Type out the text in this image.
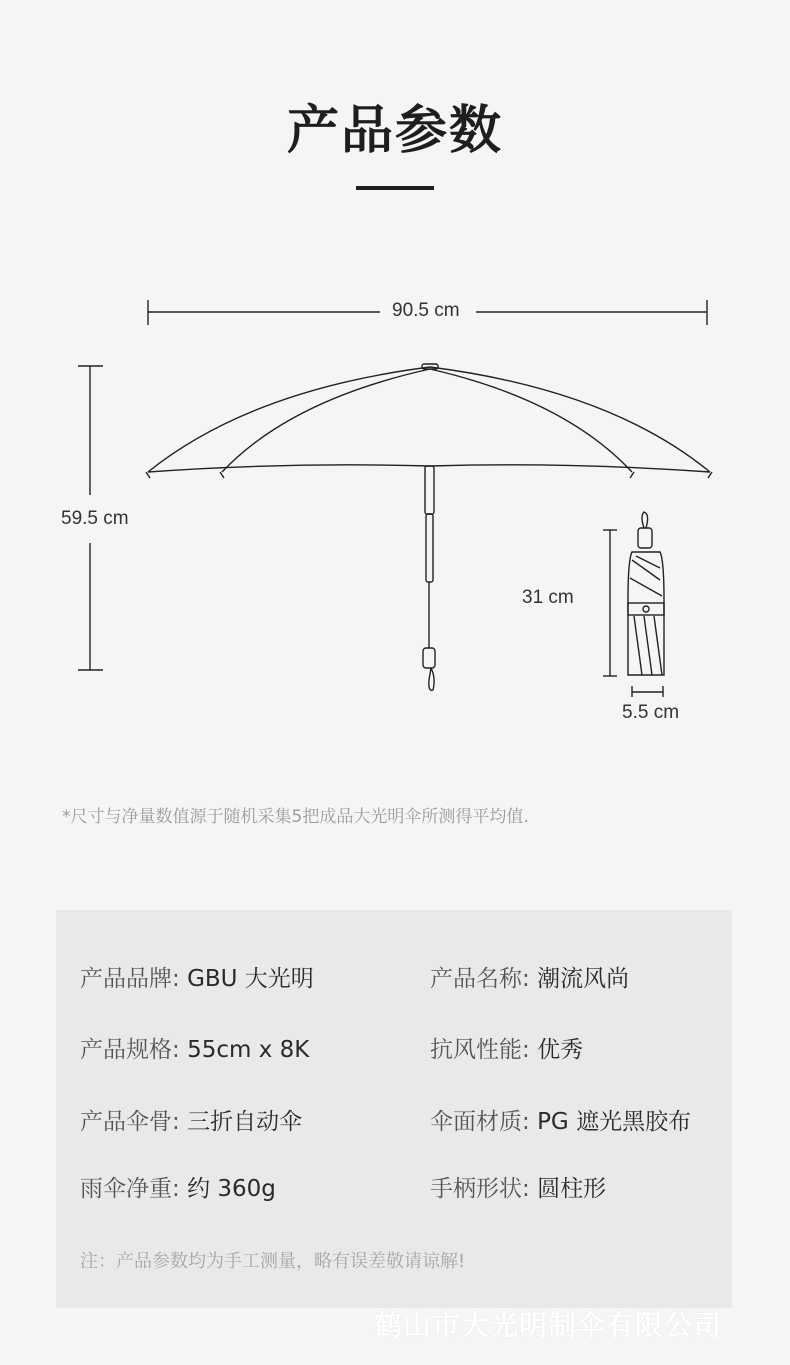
产品参数
90.5 cm
59.5 cm
31 cm
5.5 cm
*尺寸与净量数值源于随机采集5把成品大光明伞所测得平均值.
产品品牌: GBU 大光明	产品名称: 潮流风尚
产品规格: 55cm x 8K	抗风性能: 优秀
产品伞骨: 三折自动伞	伞面材质: PG 遮光黑胶布
雨伞净重: 约 360g	手柄形状: 圆柱形
注：产品参数均为手工测量，略有误差敬请谅解!
鹤山市大光明制伞有限公司
